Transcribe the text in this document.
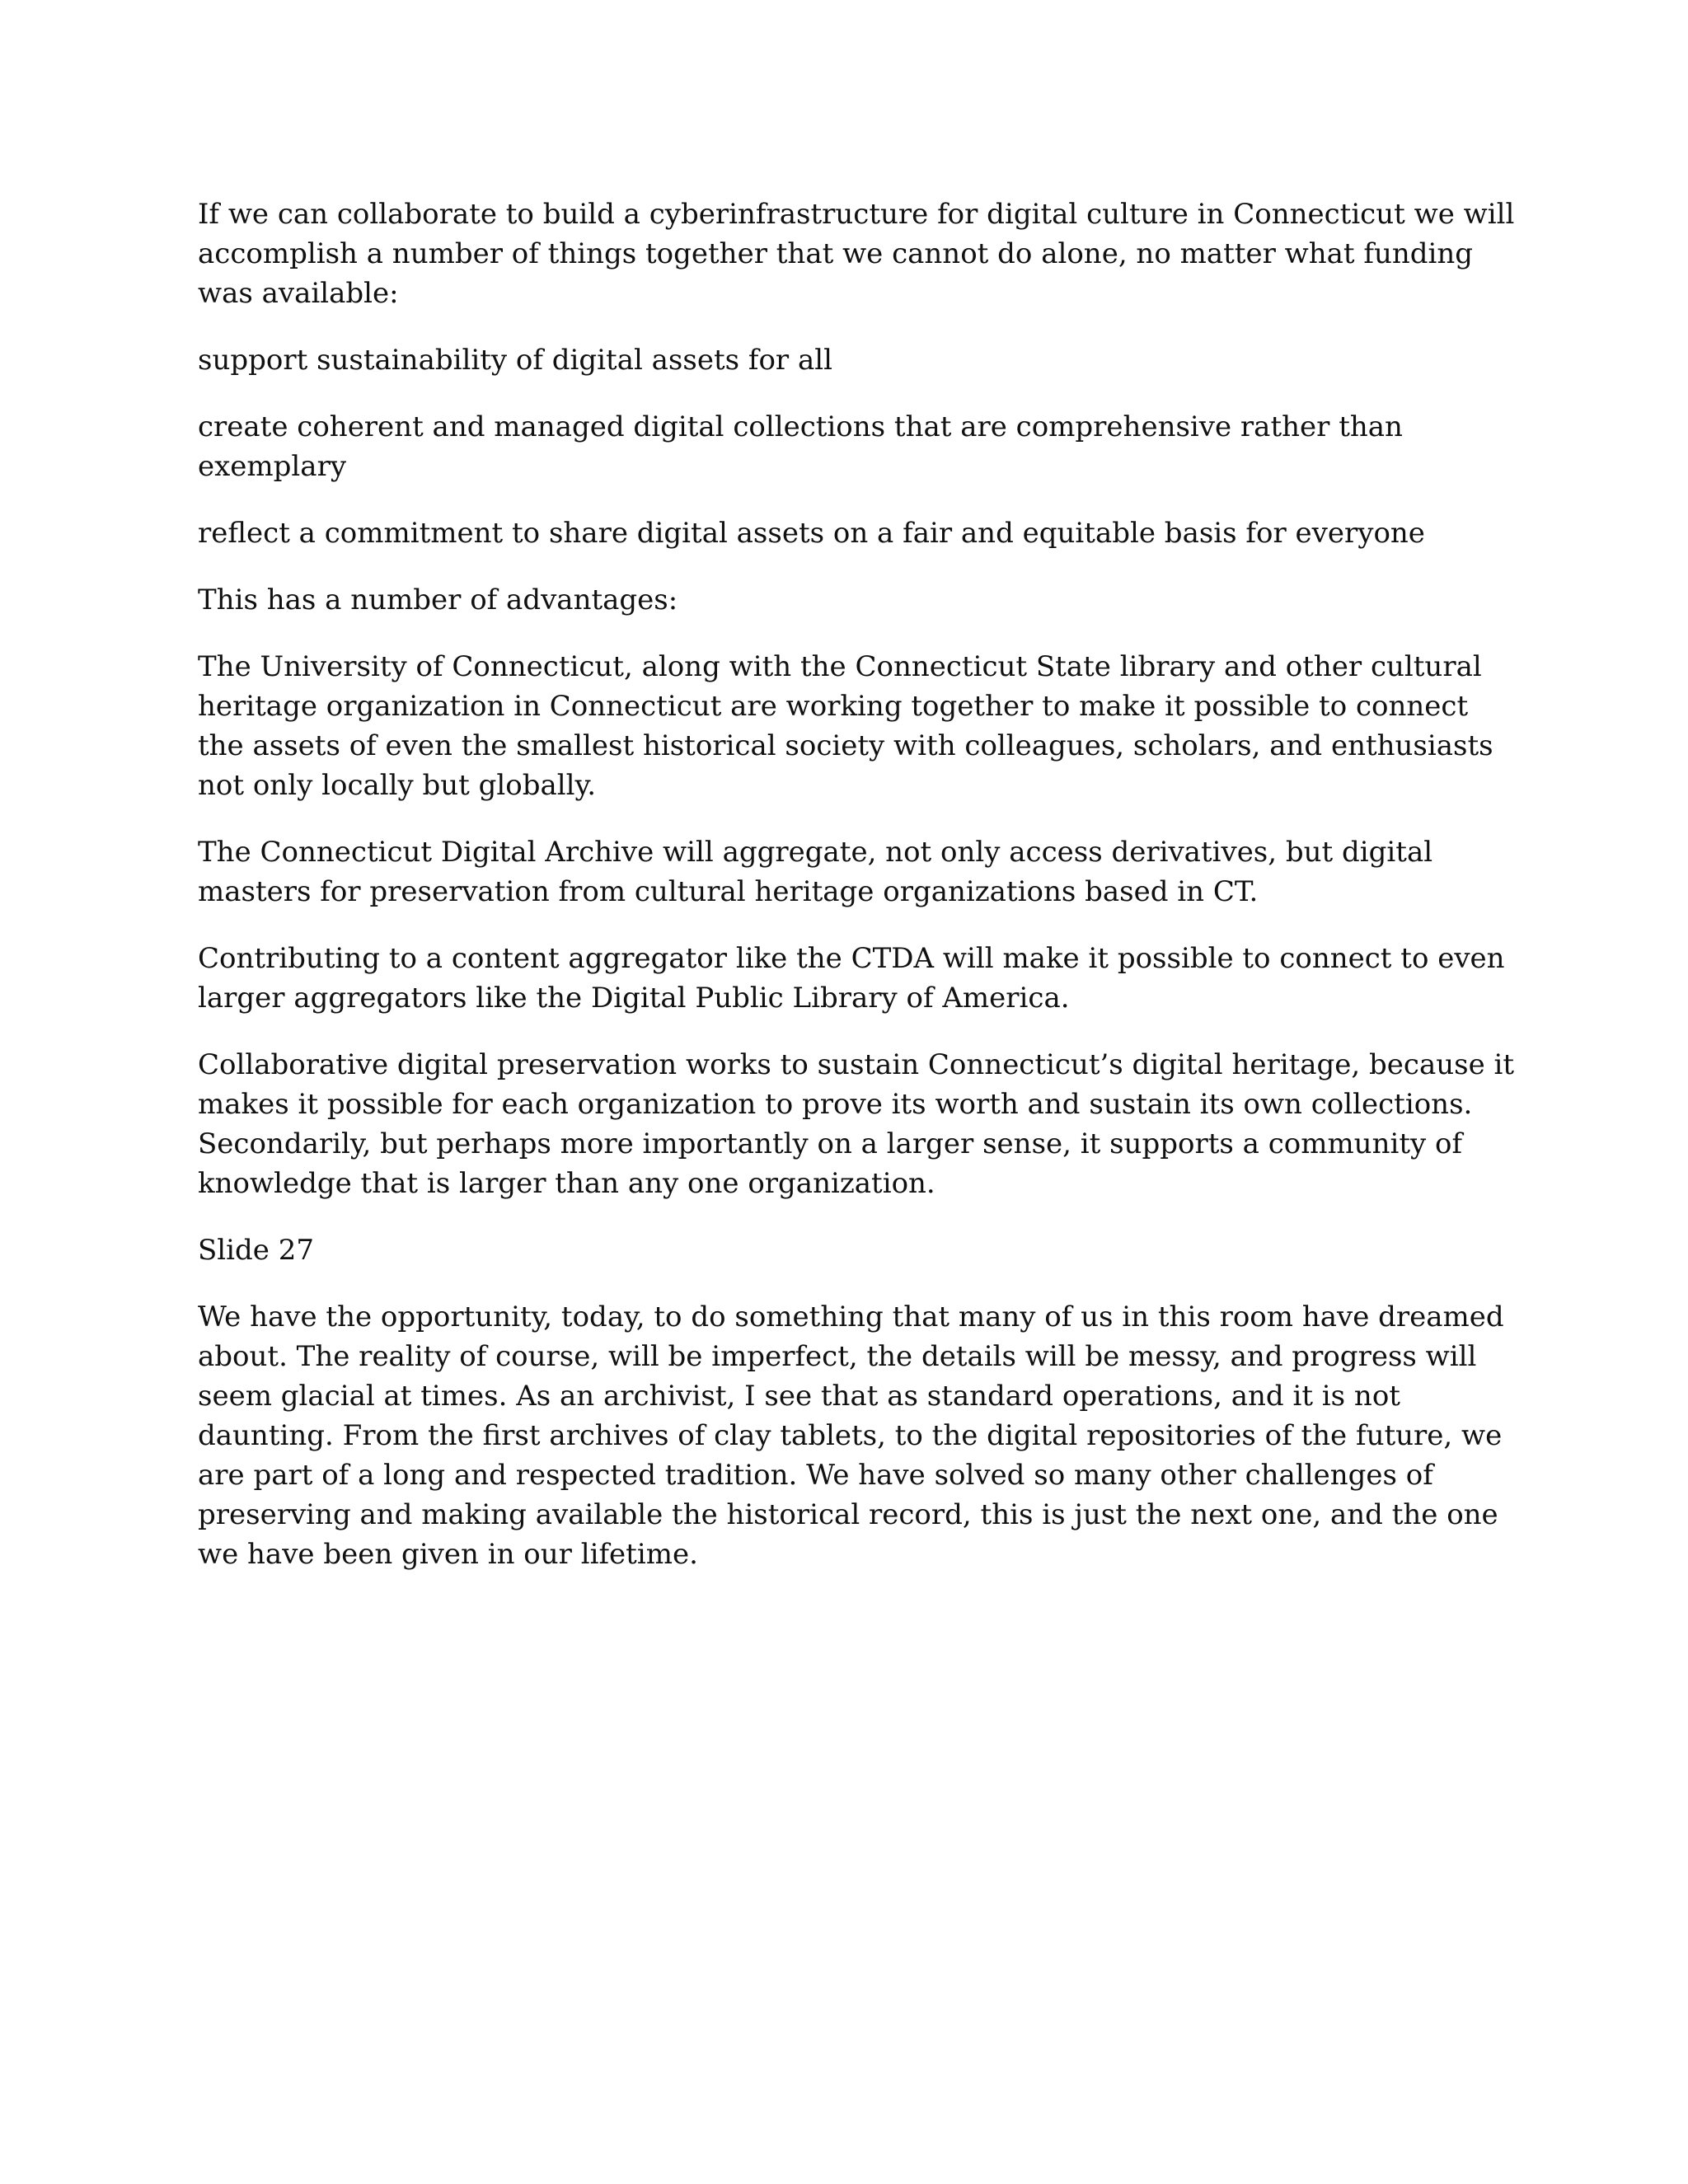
If we can collaborate to build a cyberinfrastructure for digital culture in Connecticut we will accomplish a number of things together that we cannot do alone, no matter what funding was available:

support sustainability of digital assets for all

create coherent and managed digital collections that are comprehensive rather than exemplary

reflect a commitment to share digital assets on a fair and equitable basis for everyone

This has a number of advantages:

The University of Connecticut, along with the Connecticut State library and other cultural heritage organization in Connecticut are working together to make it possible to connect the assets of even the smallest historical society with colleagues, scholars, and enthusiasts not only locally but globally.

The Connecticut Digital Archive will aggregate, not only access derivatives, but digital masters for preservation from cultural heritage organizations based in CT.

Contributing to a content aggregator like the CTDA will make it possible to connect to even larger aggregators like the Digital Public Library of America.

Collaborative digital preservation works to sustain Connecticut’s digital heritage, because it makes it possible for each organization to prove its worth and sustain its own collections. Secondarily, but perhaps more importantly on a larger sense, it supports a community of knowledge that is larger than any one organization.

Slide 27

We have the opportunity, today, to do something that many of us in this room have dreamed about. The reality of course, will be imperfect, the details will be messy, and progress will seem glacial at times. As an archivist, I see that as standard operations, and it is not daunting. From the first archives of clay tablets, to the digital repositories of the future, we are part of a long and respected tradition. We have solved so many other challenges of preserving and making available the historical record, this is just the next one, and the one we have been given in our lifetime.
